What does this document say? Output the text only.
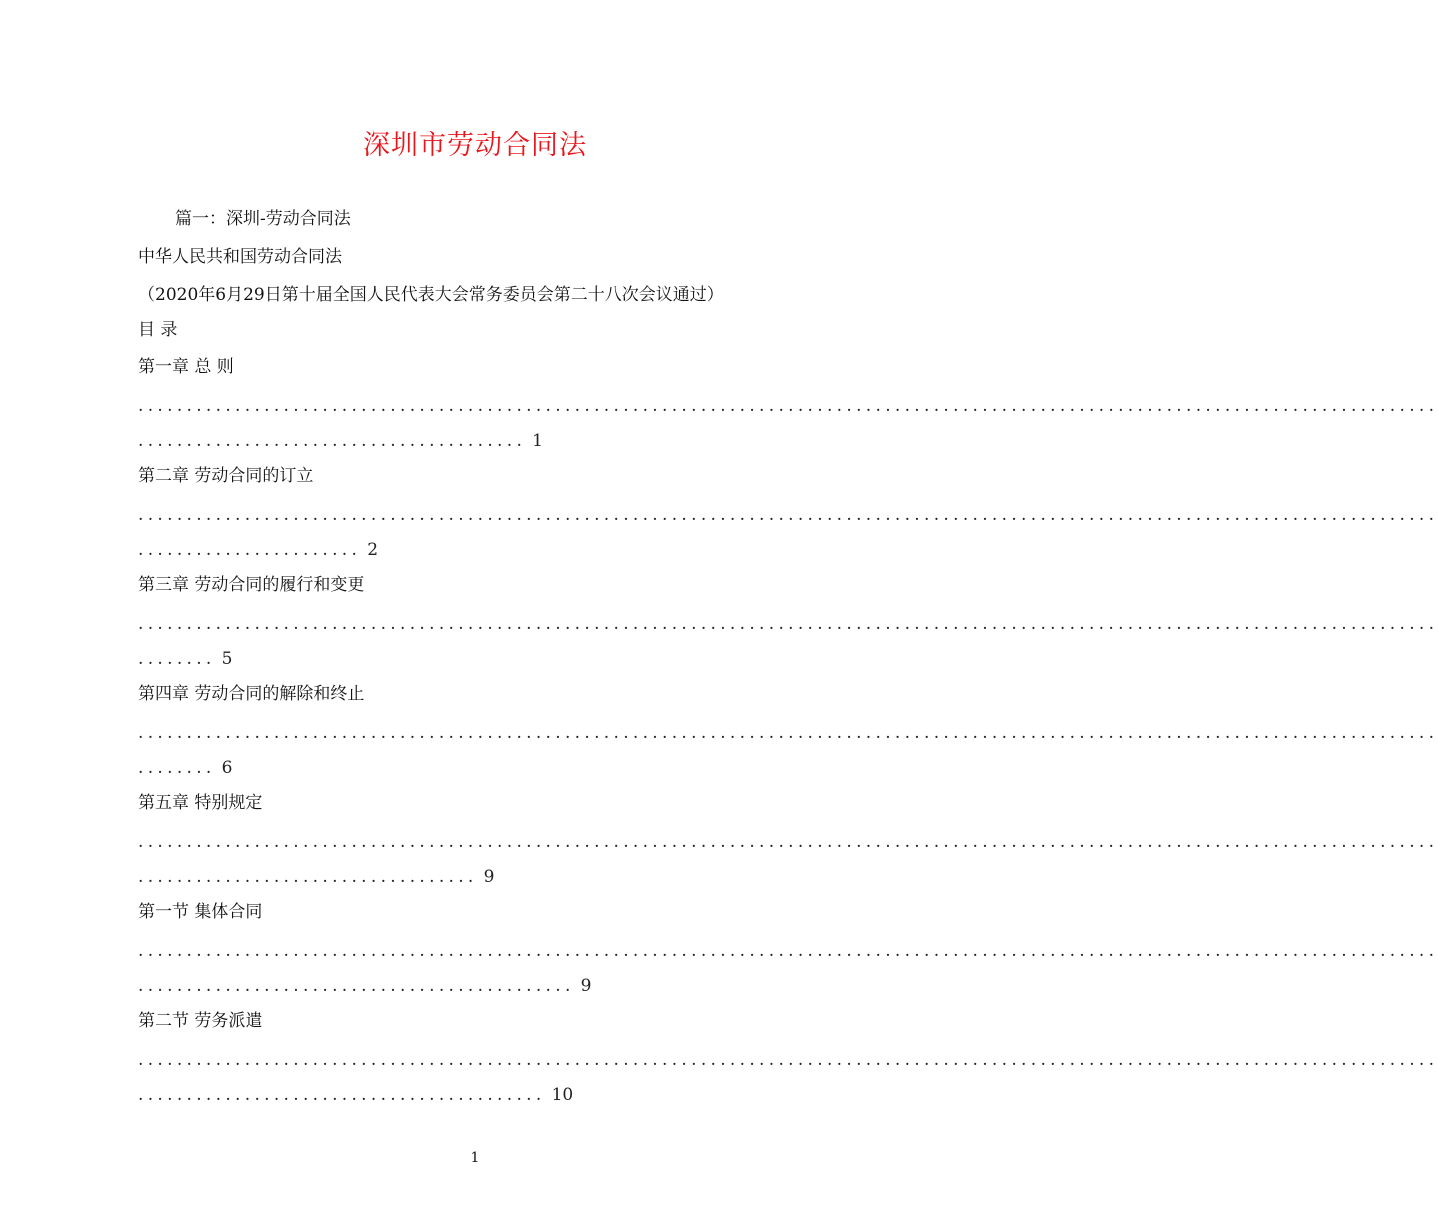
深圳市劳动合同法
篇一：深圳-劳动合同法
中华人民共和国劳动合同法
（2020年6月29日第十届全国人民代表大会常务委员会第二十八次会议通过）
目 录
第一章 总 则
......................................................................................................................................
........................................ 1
第二章 劳动合同的订立
......................................................................................................................................
....................... 2
第三章 劳动合同的履行和变更
......................................................................................................................................
........ 5
第四章 劳动合同的解除和终止
......................................................................................................................................
........ 6
第五章 特别规定
......................................................................................................................................
................................... 9
第一节 集体合同
......................................................................................................................................
............................................. 9
第二节 劳务派遣
......................................................................................................................................
.......................................... 10
1
